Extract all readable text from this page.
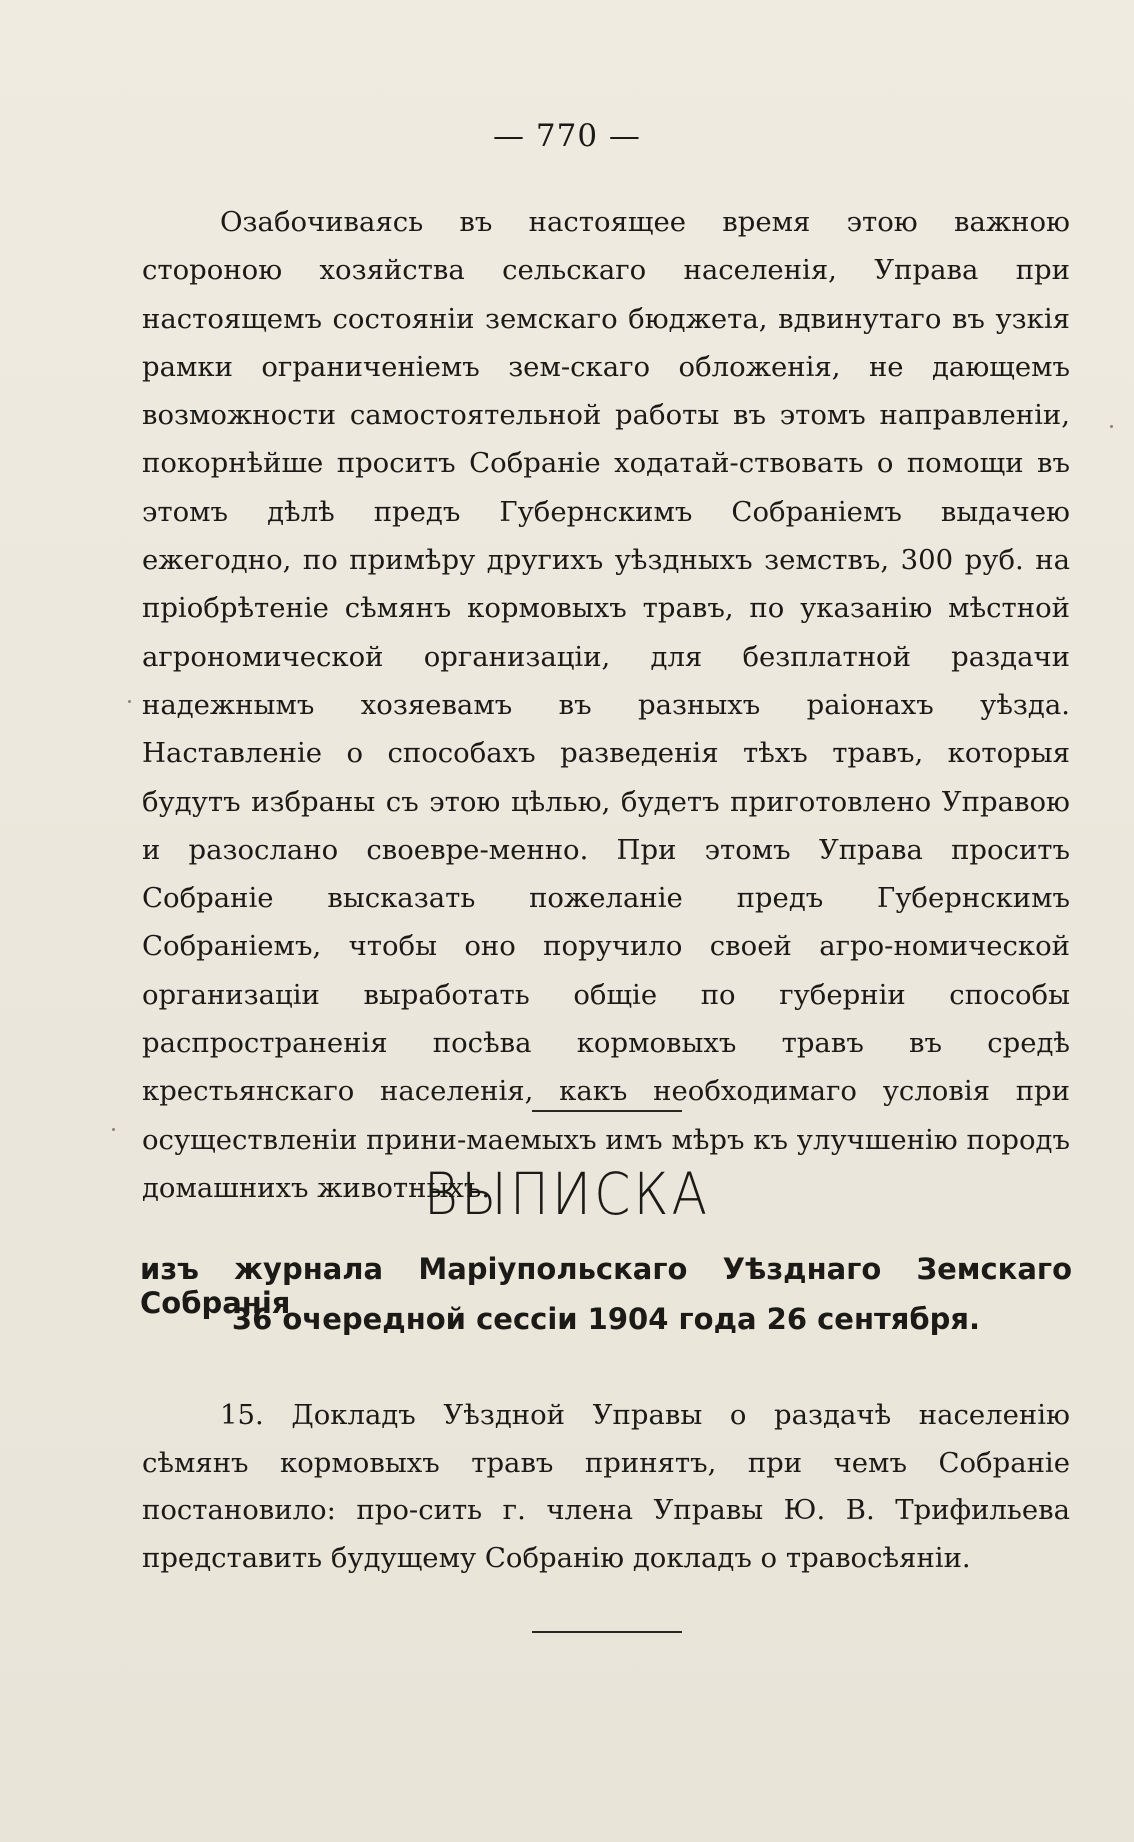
— 770 —

Озабочиваясь въ настоящее время этою важною стороною хозяйства сельскаго населенія, Управа при настоящемъ состояніи земскаго бюджета, вдвинутаго въ узкія рамки ограниченіемъ зем-скаго обложенія, не дающемъ возможности самостоятельной работы въ этомъ направленіи, покорнѣйше проситъ Собраніе ходатай-ствовать о помощи въ этомъ дѣлѣ предъ Губернскимъ Собраніемъ выдачею ежегодно, по примѣру другихъ уѣздныхъ земствъ, 300 руб. на пріобрѣтеніе сѣмянъ кормовыхъ травъ, по указанію мѣстной агрономической организаціи, для безплатной раздачи надежнымъ хозяевамъ въ разныхъ раіонахъ уѣзда. Наставленіе о способахъ разведенія тѣхъ травъ, которыя будутъ избраны съ этою цѣлью, будетъ приготовлено Управою и разослано своевре-менно. При этомъ Управа проситъ Собраніе высказать пожеланіе предъ Губернскимъ Собраніемъ, чтобы оно поручило своей агро-номической организаціи выработать общіе по губерніи способы распространенія посѣва кормовыхъ травъ въ средѣ крестьянскаго населенія, какъ необходимаго условія при осуществленіи прини-маемыхъ имъ мѣръ къ улучшенію породъ домашнихъ животныхъ.

ВЫПИСКА
изъ журнала Маріупольскаго Уѣзднаго Земскаго Собранія
36 очередной сессіи 1904 года 26 сентября.

15. Докладъ Уѣздной Управы о раздачѣ населенію сѣмянъ кормовыхъ травъ принятъ, при чемъ Собраніе постановило: про-сить г. члена Управы Ю. В. Трифильева представить будущему Собранію докладъ о травосѣяніи.
